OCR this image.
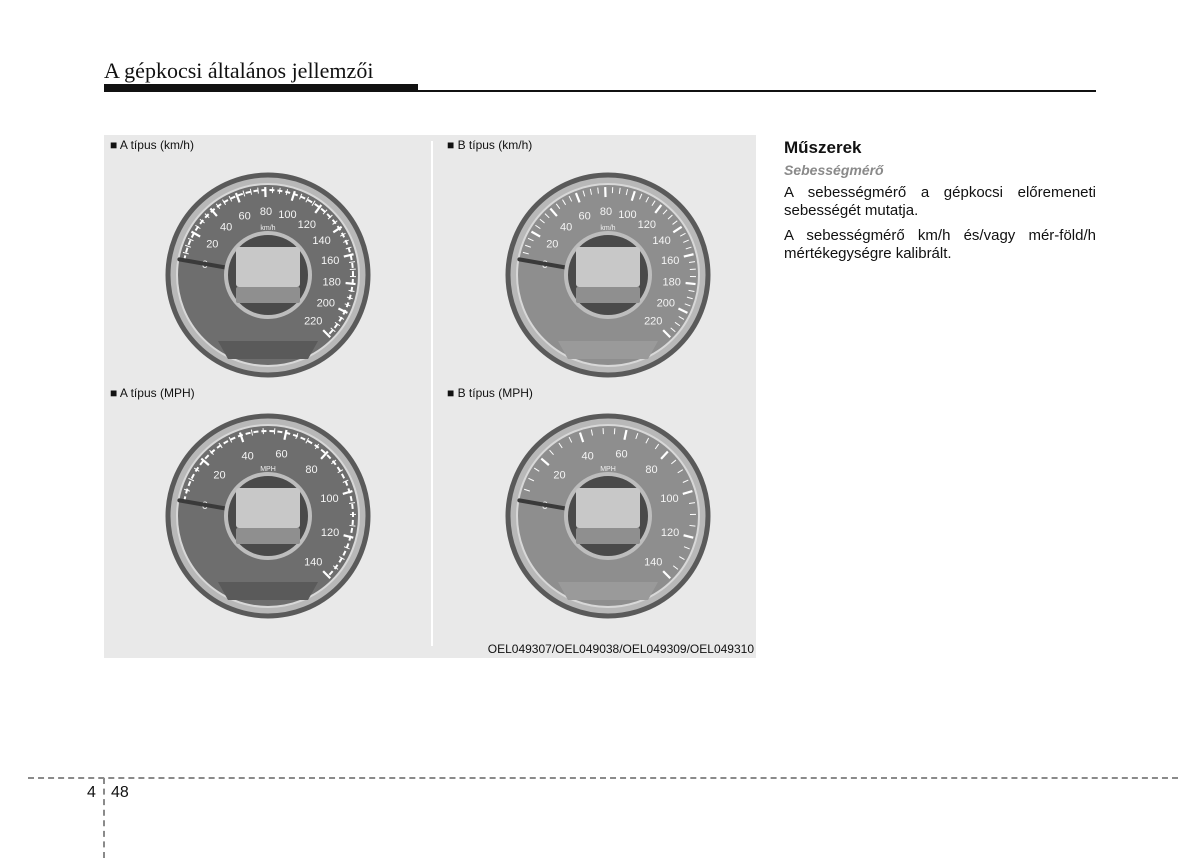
A gépkocsi általános jellemzői
■ A típus (km/h)	■ B típus (km/h)
■ A típus (MPH)	■ B típus (MPH)
20
40
60 80 100
120
140
160
180
200
220
km/h
20
40
60 80 100
120
140
160
180
200
220
km/h
20
40 60
80
100
120
140
MPH	20
40 60
80
100
120
140
MPH
OEL049307/OEL049038/OEL049309/OEL049310
Műszerek
Sebességmérő
A sebességmérő a gépkocsi előremeneti sebességét mutatja.
A sebességmérő km/h és/vagy mér-föld/h mértékegységre kalibrált.
4 48
